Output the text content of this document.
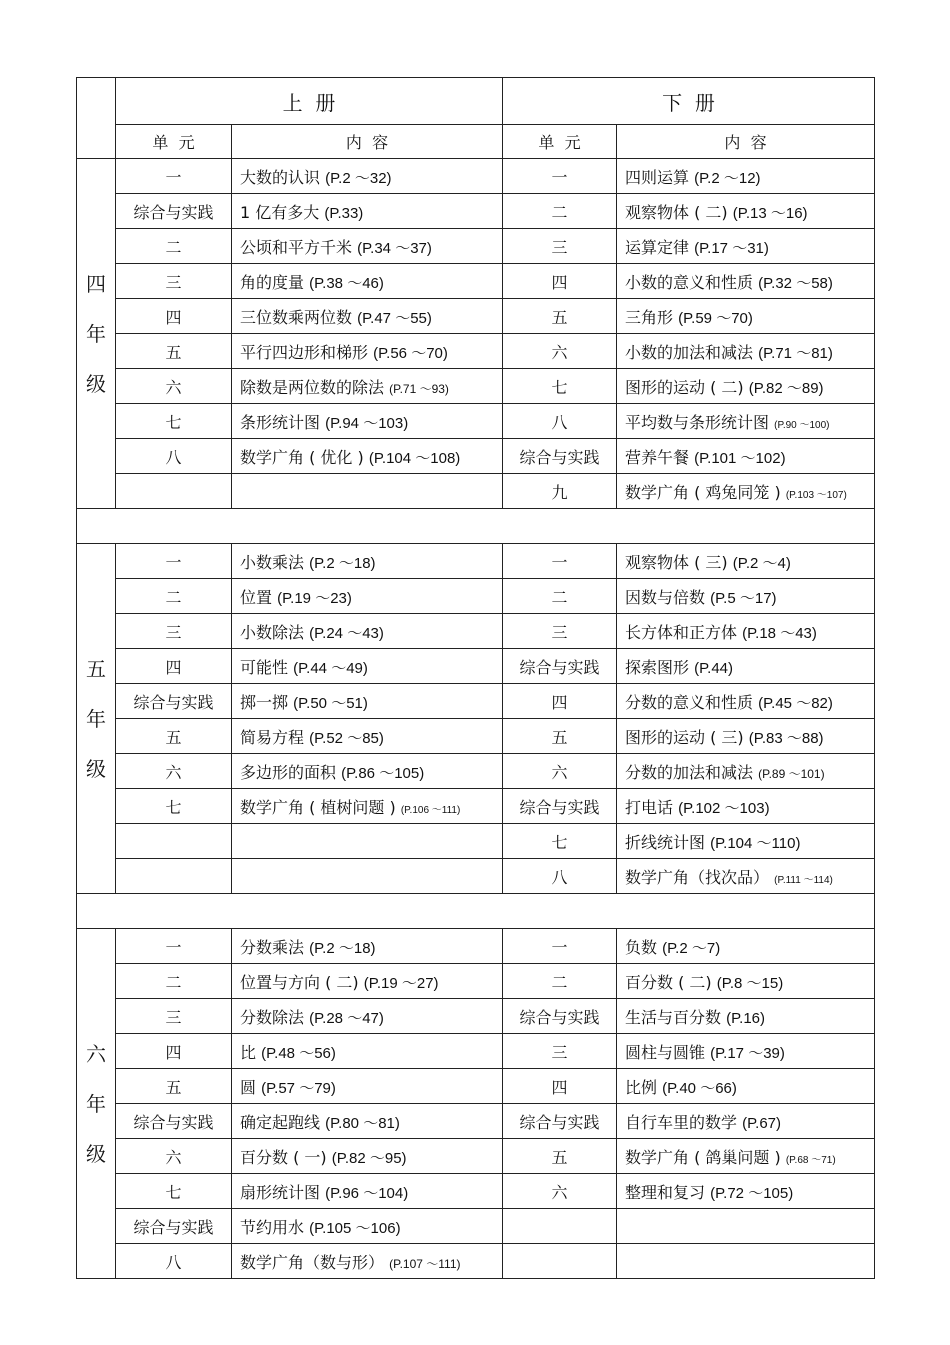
	上  册		下  册	
	单  元	内  容	单  元	内  容

四
年
级	一	大数的认识 (P.2 ～32)	一	四则运算 (P.2 ～12)
	综合与实践	1 亿有多大 (P.33)	二	观察物体 ( 二) (P.13 ～16)
	二	公顷和平方千米 (P.34 ～37)	三	运算定律 (P.17 ～31)
	三	角的度量 (P.38 ～46)	四	小数的意义和性质 (P.32 ～58)
	四	三位数乘两位数 (P.47 ～55)	五	三角形 (P.59 ～70)
	五	平行四边形和梯形 (P.56 ～70)	六	小数的加法和减法 (P.71 ～81)
	六	除数是两位数的除法 (P.71 ～93)	七	图形的运动 ( 二) (P.82 ～89)
	七	条形统计图 (P.94 ～103)	八	平均数与条形统计图 (P.90 ～100)
	八	数学广角 ( 优化 ) (P.104 ～108)	综合与实践	营养午餐 (P.101 ～102)
			九	数学广角 ( 鸡兔同笼 ) (P.103 ～107)

五
年
级	一	小数乘法 (P.2 ～18)	一	观察物体 ( 三) (P.2 ～4)
	二	位置 (P.19 ～23)	二	因数与倍数 (P.5 ～17)
	三	小数除法 (P.24 ～43)	三	长方体和正方体 (P.18 ～43)
	四	可能性 (P.44 ～49)	综合与实践	探索图形 (P.44)
	综合与实践	掷一掷 (P.50 ～51)	四	分数的意义和性质 (P.45 ～82)
	五	简易方程 (P.52 ～85)	五	图形的运动 ( 三) (P.83 ～88)
	六	多边形的面积 (P.86 ～105)	六	分数的加法和减法 (P.89 ～101)
	七	数学广角 ( 植树问题 ) (P.106 ～111)	综合与实践	打电话 (P.102 ～103)
			七	折线统计图 (P.104 ～110)
			八	数学广角（找次品） (P.111 ～114)

六
年
级	一	分数乘法 (P.2 ～18)	一	负数 (P.2 ～7)
	二	位置与方向 ( 二) (P.19 ～27)	二	百分数 ( 二) (P.8 ～15)
	三	分数除法 (P.28 ～47)	综合与实践	生活与百分数 (P.16)
	四	比 (P.48 ～56)	三	圆柱与圆锥 (P.17 ～39)
	五	圆 (P.57 ～79)	四	比例 (P.40 ～66)
	综合与实践	确定起跑线 (P.80 ～81)	综合与实践	自行车里的数学 (P.67)
	六	百分数 ( 一) (P.82 ～95)	五	数学广角 ( 鸽巢问题 ) (P.68 ～71)
	七	扇形统计图 (P.96 ～104)	六	整理和复习 (P.72 ～105)
	综合与实践	节约用水 (P.105 ～106)		
	八	数学广角（数与形） (P.107 ～111)		
